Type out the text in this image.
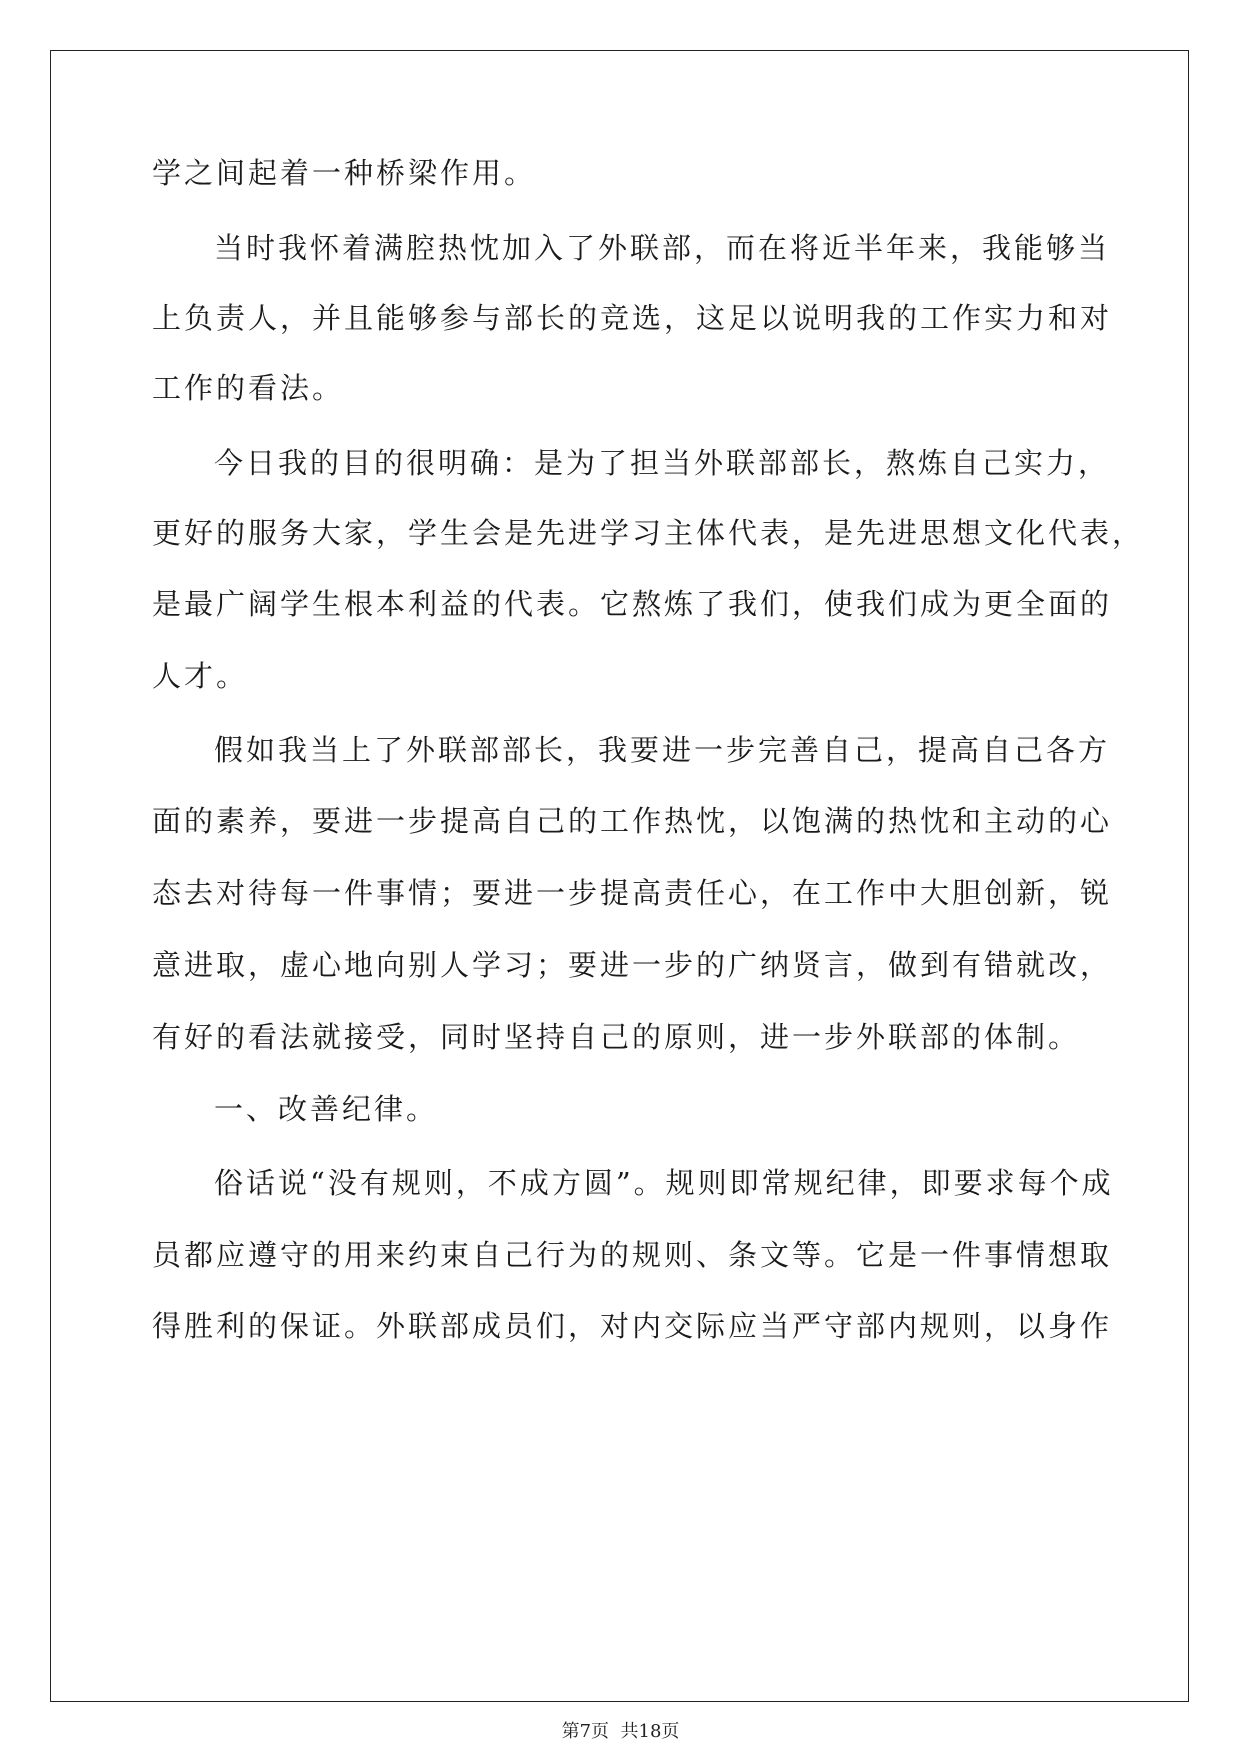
学之间起着一种桥梁作用。
当时我怀着满腔热忱加入了外联部，而在将近半年来，我能够当
上负责人，并且能够参与部长的竞选，这足以说明我的工作实力和对
工作的看法。
今日我的目的很明确：是为了担当外联部部长，熬炼自己实力，
更好的服务大家，学生会是先进学习主体代表，是先进思想文化代表，
是最广阔学生根本利益的代表。它熬炼了我们，使我们成为更全面的
人才。
假如我当上了外联部部长，我要进一步完善自己，提高自己各方
面的素养，要进一步提高自己的工作热忱，以饱满的热忱和主动的心
态去对待每一件事情；要进一步提高责任心，在工作中大胆创新，锐
意进取，虚心地向别人学习；要进一步的广纳贤言，做到有错就改，
有好的看法就接受，同时坚持自己的原则，进一步外联部的体制。
一、改善纪律。
俗话说“没有规则，不成方圆”。规则即常规纪律，即要求每个成
员都应遵守的用来约束自己行为的规则、条文等。它是一件事情想取
得胜利的保证。外联部成员们，对内交际应当严守部内规则，以身作
第7页  共18页
